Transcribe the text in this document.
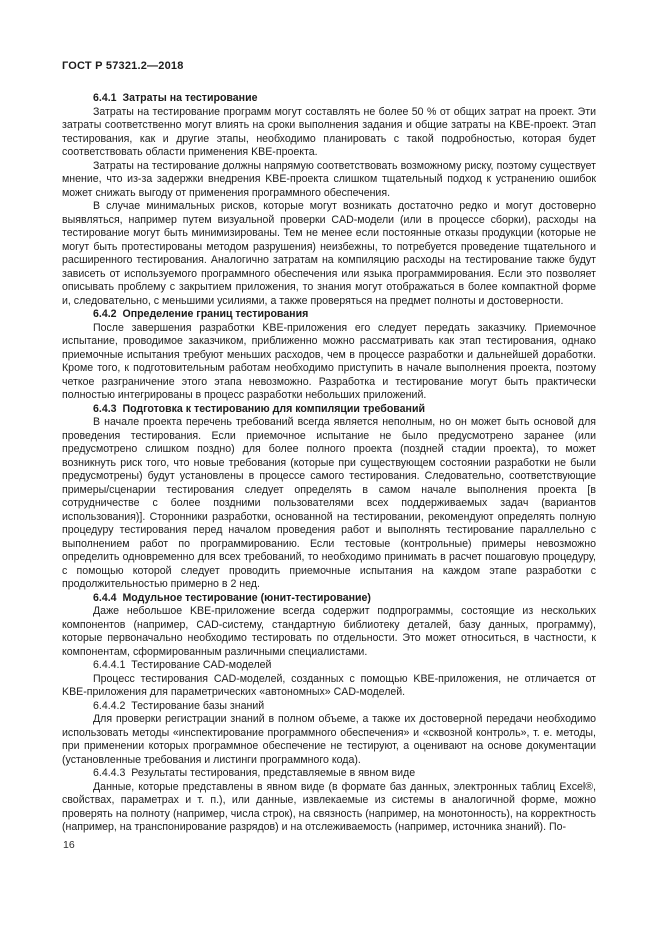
ГОСТ Р 57321.2—2018
6.4.1  Затраты на тестирование
Затраты на тестирование программ могут составлять не более 50 % от общих затрат на проект. Эти затраты соответственно могут влиять на сроки выполнения задания и общие затраты на KBE-проект. Этап тестирования, как и другие этапы, необходимо планировать с такой подробностью, которая будет соответствовать области применения KBE-проекта.
Затраты на тестирование должны напрямую соответствовать возможному риску, поэтому существует мнение, что из-за задержки внедрения KBE-проекта слишком тщательный подход к устранению ошибок может снижать выгоду от применения программного обеспечения.
В случае минимальных рисков, которые могут возникать достаточно редко и могут достоверно выявляться, например путем визуальной проверки CAD-модели (или в процессе сборки), расходы на тестирование могут быть минимизированы. Тем не менее если постоянные отказы продукции (которые не могут быть протестированы методом разрушения) неизбежны, то потребуется проведение тщательного и расширенного тестирования. Аналогично затратам на компиляцию расходы на тестирование также будут зависеть от используемого программного обеспечения или языка программирования. Если это позволяет описывать проблему с закрытием приложения, то знания могут отображаться в более компактной форме и, следовательно, с меньшими усилиями, а также проверяться на предмет полноты и достоверности.
6.4.2  Определение границ тестирования
После завершения разработки KBE-приложения его следует передать заказчику. Приемочное испытание, проводимое заказчиком, приближенно можно рассматривать как этап тестирования, однако приемочные испытания требуют меньших расходов, чем в процессе разработки и дальнейшей доработки. Кроме того, к подготовительным работам необходимо приступить в начале выполнения проекта, поэтому четкое разграничение этого этапа невозможно. Разработка и тестирование могут быть практически полностью интегрированы в процесс разработки небольших приложений.
6.4.3  Подготовка к тестированию для компиляции требований
В начале проекта перечень требований всегда является неполным, но он может быть основой для проведения тестирования. Если приемочное испытание не было предусмотрено заранее (или предусмотрено слишком поздно) для более полного проекта (поздней стадии проекта), то может возникнуть риск того, что новые требования (которые при существующем состоянии разработки не были предусмотрены) будут установлены в процессе самого тестирования. Следовательно, соответствующие примеры/сценарии тестирования следует определять в самом начале выполнения проекта [в сотрудничестве с более поздними пользователями всех поддерживаемых задач (вариантов использования)]. Сторонники разработки, основанной на тестировании, рекомендуют определять полную процедуру тестирования перед началом проведения работ и выполнять тестирование параллельно с выполнением работ по программированию. Если тестовые (контрольные) примеры невозможно определить одновременно для всех требований, то необходимо принимать в расчет пошаговую процедуру, с помощью которой следует проводить приемочные испытания на каждом этапе разработки с продолжительностью примерно в 2 нед.
6.4.4  Модульное тестирование (юнит-тестирование)
Даже небольшое KBE-приложение всегда содержит подпрограммы, состоящие из нескольких компонентов (например, CAD-систему, стандартную библиотеку деталей, базу данных, программу), которые первоначально необходимо тестировать по отдельности. Это может относиться, в частности, к компонентам, сформированным различными специалистами.
6.4.4.1  Тестирование CAD-моделей
Процесс тестирования CAD-моделей, созданных с помощью KBE-приложения, не отличается от KBE-приложения для параметрических «автономных» CAD-моделей.
6.4.4.2  Тестирование базы знаний
Для проверки регистрации знаний в полном объеме, а также их достоверной передачи необходимо использовать методы «инспектирование программного обеспечения» и «сквозной контроль», т. е. методы, при применении которых программное обеспечение не тестируют, а оценивают на основе документации (установленные требования и листинги программного кода).
6.4.4.3  Результаты тестирования, представляемые в явном виде
Данные, которые представлены в явном виде (в формате баз данных, электронных таблиц Excel®, свойствах, параметрах и т. п.), или данные, извлекаемые из системы в аналогичной форме, можно проверять на полноту (например, числа строк), на связность (например, на монотонность), на корректность (например, на транспонирование разрядов) и на отслеживаемость (например, источника знаний). По-
16
